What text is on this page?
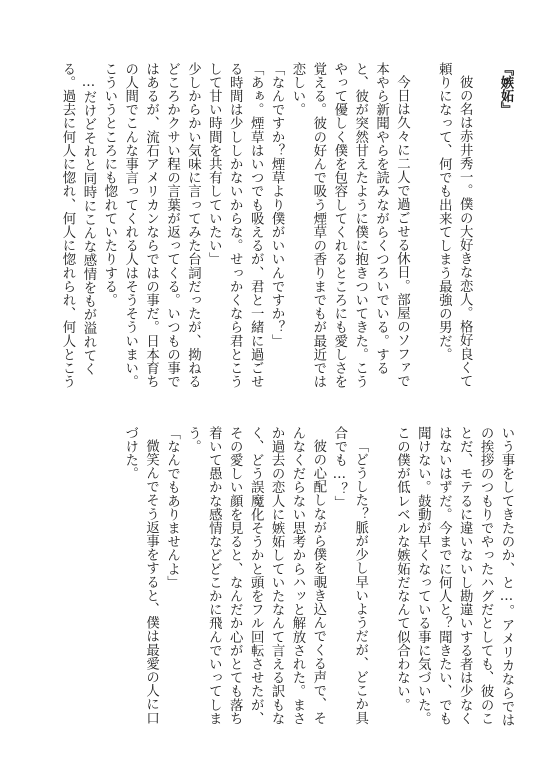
『嫉妬』
彼の名は赤井秀一。僕の大好きな恋人。格好良くて頼りになって、何でも出来てしまう最強の男だ。
今日は久々に二人で過ごせる休日。部屋のソファで本やら新聞やらを読みながらくつろいでいる。すると、彼が突然甘えたように僕に抱きついてきた。こうやって優しく僕を包容してくれるところにも愛しさを覚える。彼の好んで吸う煙草の香りまでもが最近では恋しい。
「なんですか？煙草より僕がいいんですか？」
「あぁ。煙草はいつでも吸えるが、君と一緒に過ごせる時間は少ししかないからな。せっかくなら君とこうして甘い時間を共有していたい」
少しからかい気味に言ってみた台詞だったが、拗ねるどころかクサい程の言葉が返ってくる。いつもの事ではあるが、流石アメリカンならではの事だ。日本育ちの人間でこんな事言ってくれる人はそうそういまい。こういうところにも惚れていたりする。
…だけどそれと同時にこんな感情をもが溢れてくる。過去に何人に惚れ、何人に惚れられ、何人とこう
いう事をしてきたのか、と…。アメリカならではの挨拶のつもりでやったハグだとしても、彼のことだ、モテるに違いないし勘違いする者は少なくはないはずだ。今までに何人と？聞きたい、でも聞けない。鼓動が早くなっている事に気づいた。この僕が低レベルな嫉妬だなんて似合わない。
「どうした？脈が少し早いようだが、どこか具合でも…？」
彼の心配しながら僕を覗き込んでくる声で、そんなくだらない思考からハッと解放された。まさか過去の恋人に嫉妬していたなんて言える訳もなく、どう誤魔化そうかと頭をフル回転させたが、その愛しい顔を見ると、なんだか心がとても落ち着いて愚かな感情などどこかに飛んでいってしまう。
「なんでもありませんよ」
微笑んでそう返事をすると、僕は最愛の人に口づけた。
